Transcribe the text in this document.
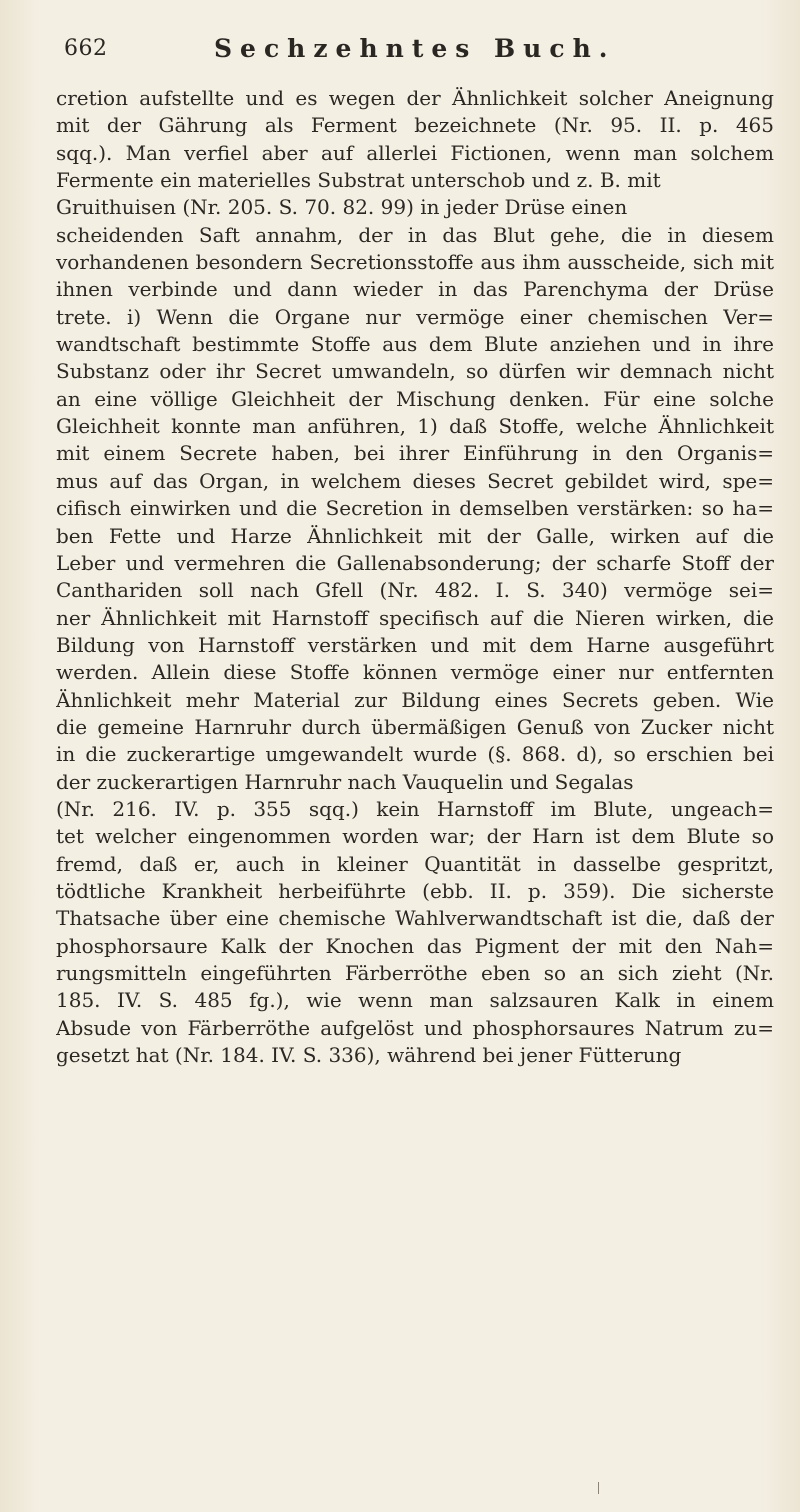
662	Sechzehntes Buch.
cretion aufstellte und es wegen der Ähnlichkeit solcher Aneignung
mit der Gährung als Ferment bezeichnete (Nr. 95. II. p. 465
sqq.). Man verfiel aber auf allerlei Fictionen, wenn man solchem
Fermente ein materielles Substrat unterschob und z. B. mit
Gruithuisen (Nr. 205. S. 70. 82. 99) in jeder Drüse einen
scheidenden Saft annahm, der in das Blut gehe, die in diesem
vorhandenen besondern Secretionsstoffe aus ihm ausscheide, sich mit
ihnen verbinde und dann wieder in das Parenchyma der Drüse
trete. i) Wenn die Organe nur vermöge einer chemischen Ver=
wandtschaft bestimmte Stoffe aus dem Blute anziehen und in ihre
Substanz oder ihr Secret umwandeln, so dürfen wir demnach nicht
an eine völlige Gleichheit der Mischung denken. Für eine solche
Gleichheit konnte man anführen, 1) daß Stoffe, welche Ähnlichkeit
mit einem Secrete haben, bei ihrer Einführung in den Organis=
mus auf das Organ, in welchem dieses Secret gebildet wird, spe=
cifisch einwirken und die Secretion in demselben verstärken: so ha=
ben Fette und Harze Ähnlichkeit mit der Galle, wirken auf die
Leber und vermehren die Gallenabsonderung; der scharfe Stoff der
Canthariden soll nach Gfell (Nr. 482. I. S. 340) vermöge sei=
ner Ähnlichkeit mit Harnstoff specifisch auf die Nieren wirken, die
Bildung von Harnstoff verstärken und mit dem Harne ausgeführt
werden. Allein diese Stoffe können vermöge einer nur entfernten
Ähnlichkeit mehr Material zur Bildung eines Secrets geben. Wie
die gemeine Harnruhr durch übermäßigen Genuß von Zucker nicht
in die zuckerartige umgewandelt wurde (§. 868. d), so erschien bei
der zuckerartigen Harnruhr nach Vauquelin und Segalas
(Nr. 216. IV. p. 355 sqq.) kein Harnstoff im Blute, ungeach=
tet welcher eingenommen worden war; der Harn ist dem Blute so
fremd, daß er, auch in kleiner Quantität in dasselbe gespritzt,
tödtliche Krankheit herbeiführte (ebb. II. p. 359). Die sicherste
Thatsache über eine chemische Wahlverwandtschaft ist die, daß der
phosphorsaure Kalk der Knochen das Pigment der mit den Nah=
rungsmitteln eingeführten Färberröthe eben so an sich zieht (Nr.
185. IV. S. 485 fg.), wie wenn man salzsauren Kalk in einem
Absude von Färberröthe aufgelöst und phosphorsaures Natrum zu=
gesetzt hat (Nr. 184. IV. S. 336), während bei jener Fütterung
